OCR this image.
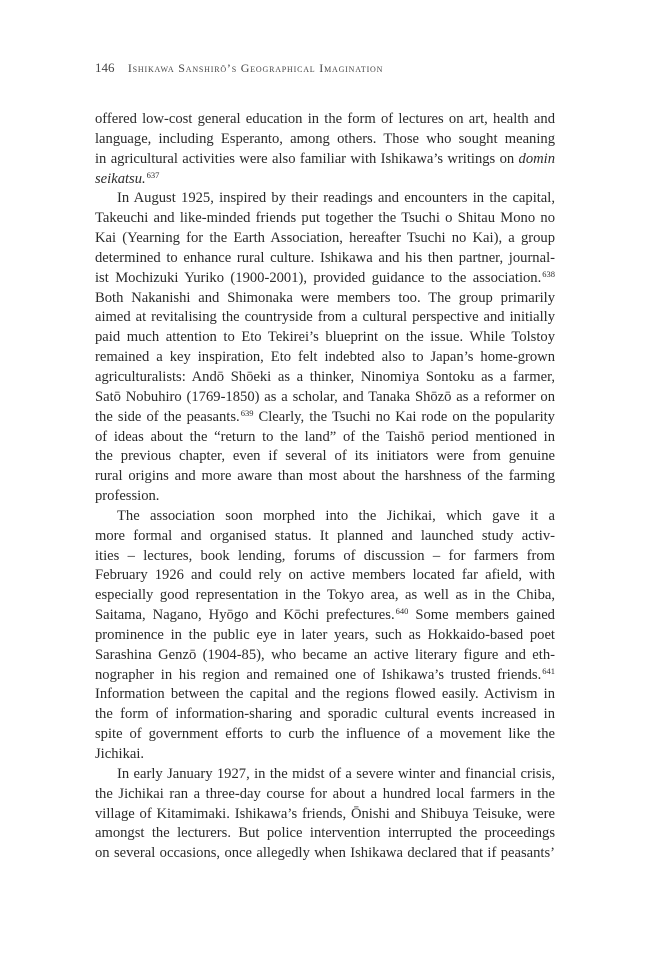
146 Ishikawa Sanshirō’s Geographical Imagination
offered low-cost general education in the form of lectures on art, health and
language, including Esperanto, among others. Those who sought meaning
in agricultural activities were also familiar with Ishikawa’s writings on domin
seikatsu.$^{637}$
In August 1925, inspired by their readings and encounters in the capital,
Takeuchi and like-minded friends put together the Tsuchi o Shitau Mono no
Kai (Yearning for the Earth Association, hereafter Tsuchi no Kai), a group
determined to enhance rural culture. Ishikawa and his then partner, journal-
ist Mochizuki Yuriko (1900-2001), provided guidance to the association.$^{638}$
Both Nakanishi and Shimonaka were members too. The group primarily
aimed at revitalising the countryside from a cultural perspective and initially
paid much attention to Eto Tekirei’s blueprint on the issue. While Tolstoy
remained a key inspiration, Eto felt indebted also to Japan’s home-grown
agriculturalists: Andō Shōeki as a thinker, Ninomiya Sontoku as a farmer,
Satō Nobuhiro (1769-1850) as a scholar, and Tanaka Shōzō as a reformer on
the side of the peasants.$^{639}$ Clearly, the Tsuchi no Kai rode on the popularity
of ideas about the “return to the land” of the Taishō period mentioned in
the previous chapter, even if several of its initiators were from genuine
rural origins and more aware than most about the harshness of the farming
profession.
The association soon morphed into the Jichikai, which gave it a
more formal and organised status. It planned and launched study activ-
ities – lectures, book lending, forums of discussion – for farmers from
February 1926 and could rely on active members located far afield, with
especially good representation in the Tokyo area, as well as in the Chiba,
Saitama, Nagano, Hyōgo and Kōchi prefectures.$^{640}$ Some members gained
prominence in the public eye in later years, such as Hokkaido-based poet
Sarashina Genzō (1904-85), who became an active literary figure and eth-
nographer in his region and remained one of Ishikawa’s trusted friends.$^{641}$
Information between the capital and the regions flowed easily. Activism in
the form of information-sharing and sporadic cultural events increased in
spite of government efforts to curb the influence of a movement like the
Jichikai.
In early January 1927, in the midst of a severe winter and financial crisis,
the Jichikai ran a three-day course for about a hundred local farmers in the
village of Kitamimaki. Ishikawa’s friends, Ōnishi and Shibuya Teisuke, were
amongst the lecturers. But police intervention interrupted the proceedings
on several occasions, once allegedly when Ishikawa declared that if peasants’
